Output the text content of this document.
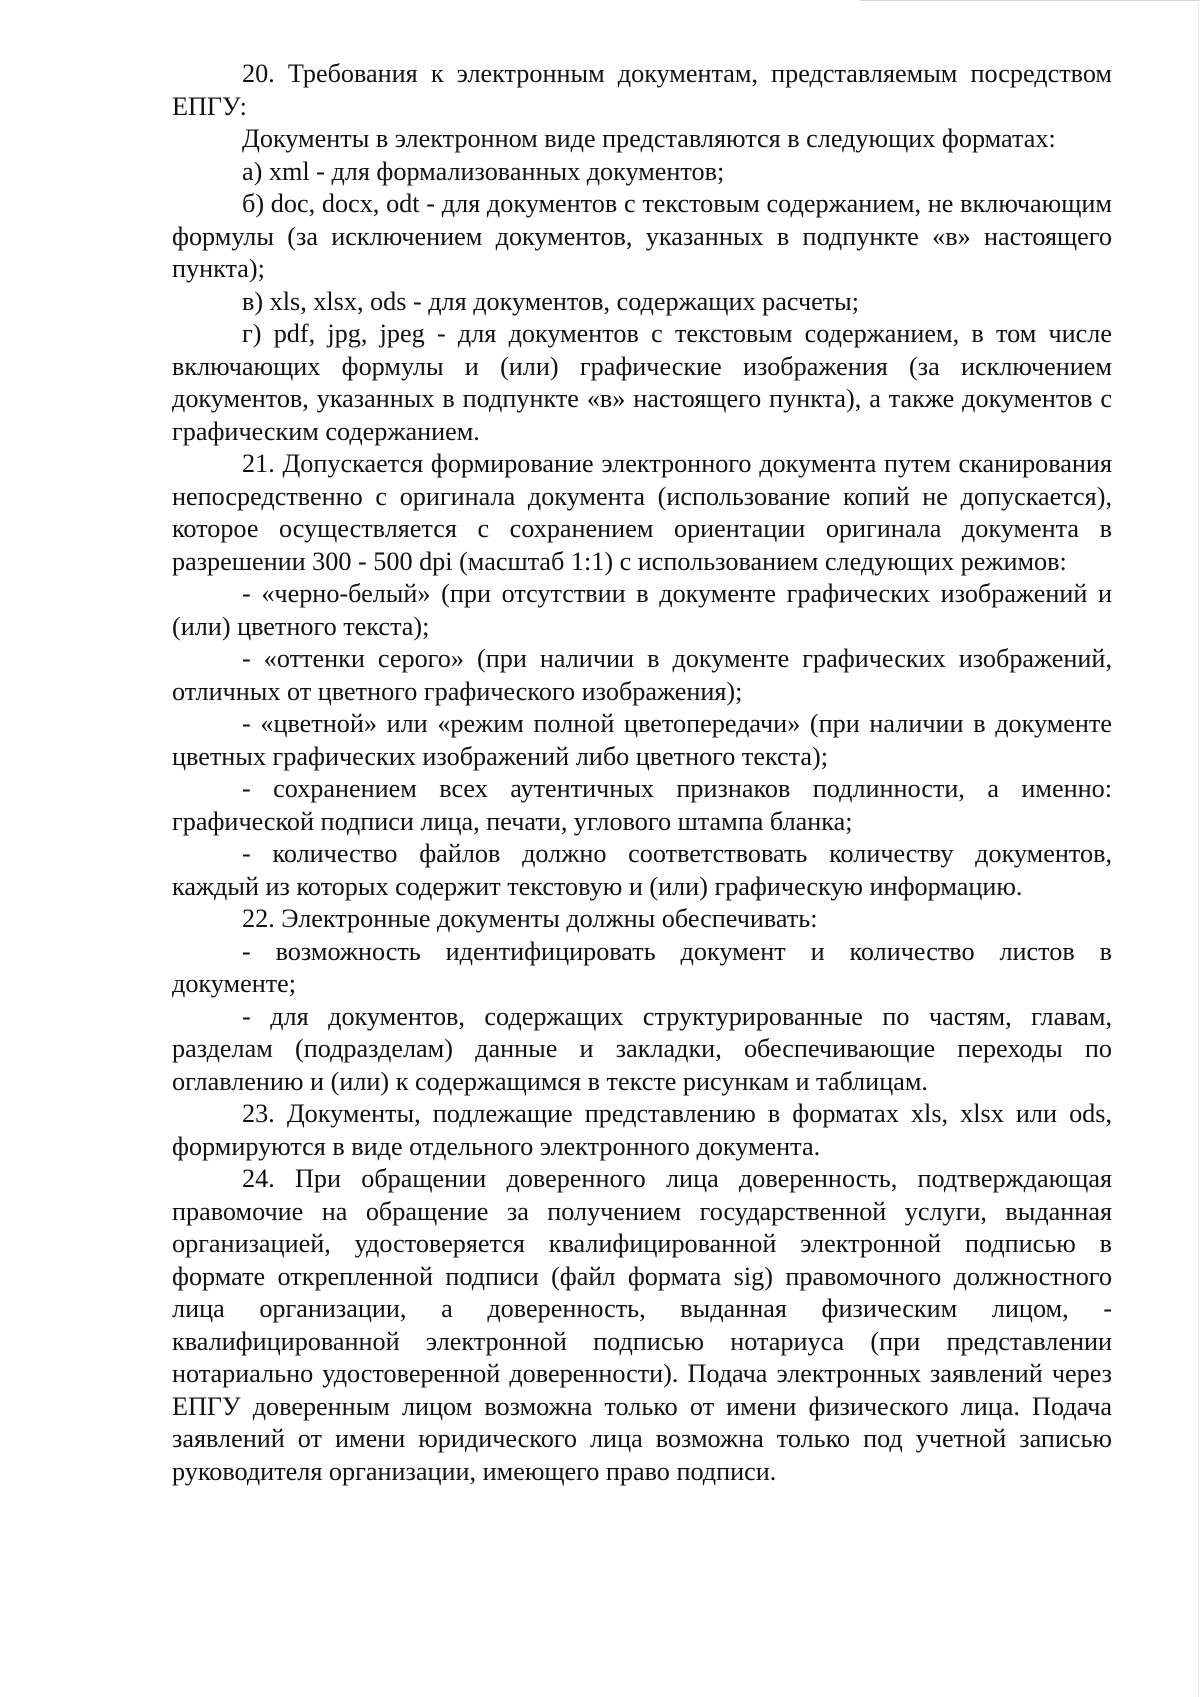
20. Требования к электронным документам, представляемым посредством ЕПГУ:

Документы в электронном виде представляются в следующих форматах:

а) xml - для формализованных документов;

б) doc, docx, odt - для документов с текстовым содержанием, не включающим формулы (за исключением документов, указанных в подпункте «в» настоящего пункта);

в) xls, xlsx, ods - для документов, содержащих расчеты;

г) pdf, jpg, jpeg - для документов с текстовым содержанием, в том числе включающих формулы и (или) графические изображения (за исключением документов, указанных в подпункте «в» настоящего пункта), а также документов с графическим содержанием.

21. Допускается формирование электронного документа путем сканирования непосредственно с оригинала документа (использование копий не допускается), которое осуществляется с сохранением ориентации оригинала документа в разрешении 300 - 500 dpi (масштаб 1:1) с использованием следующих режимов:

- «черно-белый» (при отсутствии в документе графических изображений и (или) цветного текста);

- «оттенки серого» (при наличии в документе графических изображений, отличных от цветного графического изображения);

- «цветной» или «режим полной цветопередачи» (при наличии в документе цветных графических изображений либо цветного текста);

- сохранением всех аутентичных признаков подлинности, а именно: графической подписи лица, печати, углового штампа бланка;

- количество файлов должно соответствовать количеству документов, каждый из которых содержит текстовую и (или) графическую информацию.

22. Электронные документы должны обеспечивать:

- возможность идентифицировать документ и количество листов в документе;

- для документов, содержащих структурированные по частям, главам, разделам (подразделам) данные и закладки, обеспечивающие переходы по оглавлению и (или) к содержащимся в тексте рисункам и таблицам.

23. Документы, подлежащие представлению в форматах xls, xlsx или ods, формируются в виде отдельного электронного документа.

24. При обращении доверенного лица доверенность, подтверждающая правомочие на обращение за получением государственной услуги, выданная организацией, удостоверяется квалифицированной электронной подписью в формате открепленной подписи (файл формата sig) правомочного должностного лица организации, а доверенность, выданная физическим лицом, - квалифицированной электронной подписью нотариуса (при представлении нотариально удостоверенной доверенности). Подача электронных заявлений через ЕПГУ доверенным лицом возможна только от имени физического лица. Подача заявлений от имени юридического лица возможна только под учетной записью руководителя организации, имеющего право подписи.
